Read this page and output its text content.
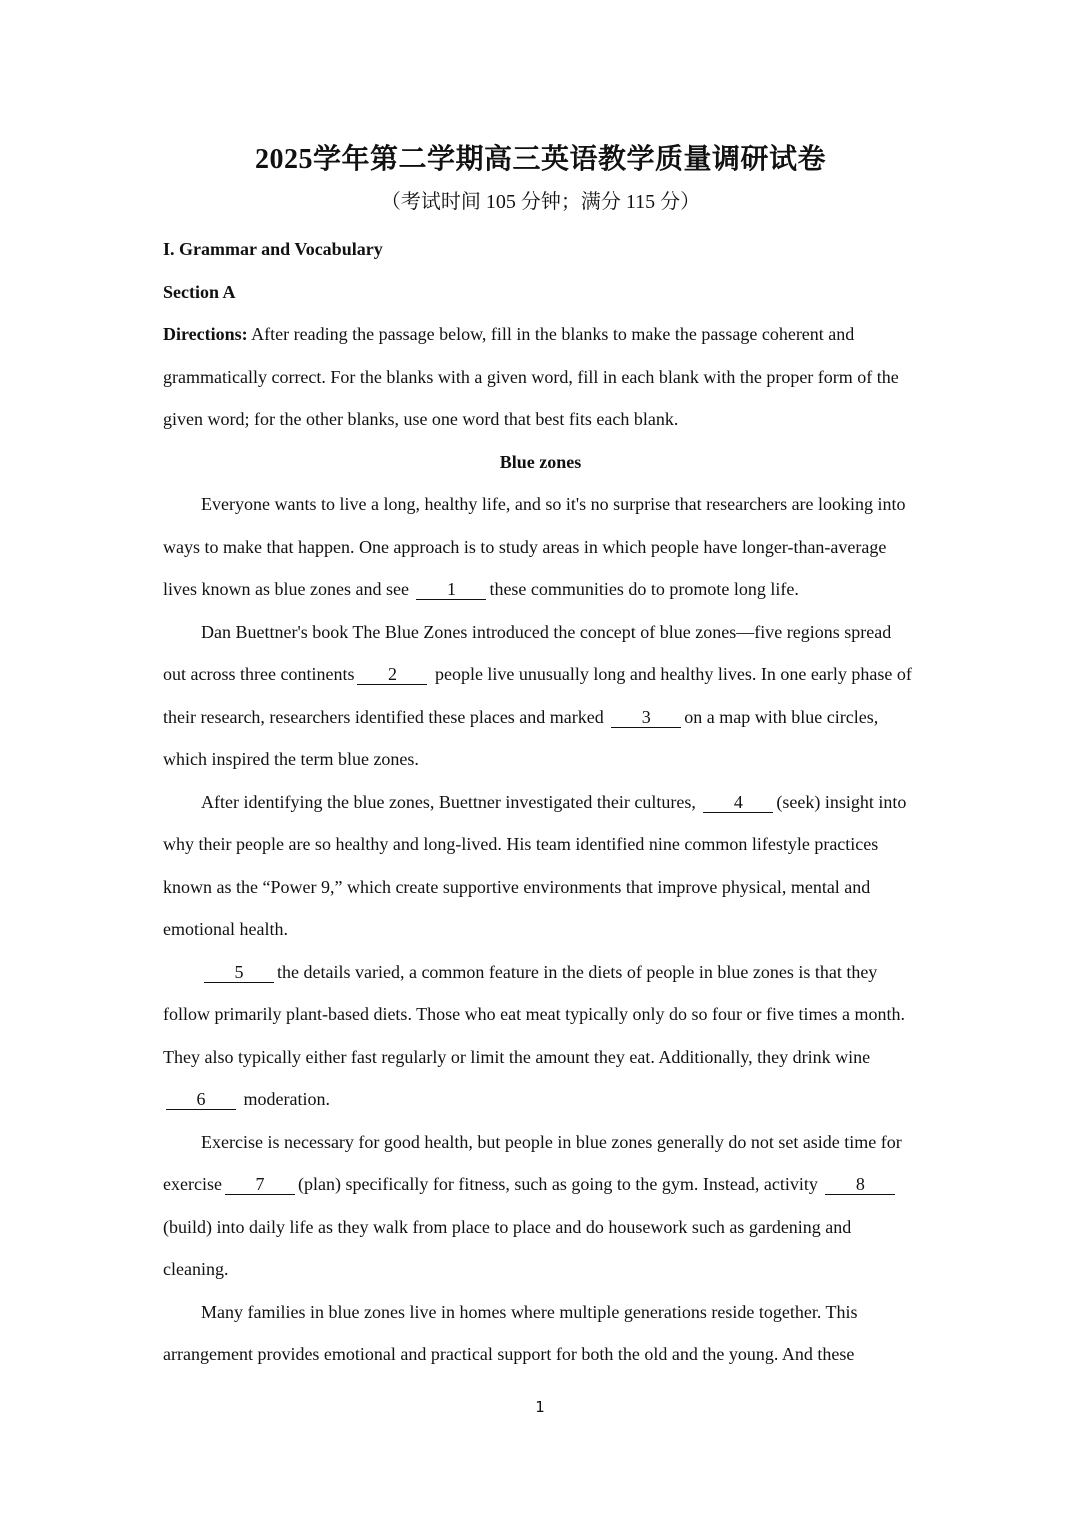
2025学年第二学期高三英语教学质量调研试卷

（考试时间 105 分钟；满分 115 分）

I. Grammar and Vocabulary

Section A

Directions: After reading the passage below, fill in the blanks to make the passage coherent and grammatically correct. For the blanks with a given word, fill in each blank with the proper form of the given word; for the other blanks, use one word that best fits each blank.

Blue zones

Everyone wants to live a long, healthy life, and so it's no surprise that researchers are looking into ways to make that happen. One approach is to study areas in which people have longer-than-average lives known as blue zones and see 1 these communities do to promote long life.

Dan Buettner's book The Blue Zones introduced the concept of blue zones—five regions spread out across three continents 2 people live unusually long and healthy lives. In one early phase of their research, researchers identified these places and marked 3 on a map with blue circles, which inspired the term blue zones.

After identifying the blue zones, Buettner investigated their cultures, 4 (seek) insight into why their people are so healthy and long-lived. His team identified nine common lifestyle practices known as the “Power 9,” which create supportive environments that improve physical, mental and emotional health.

5 the details varied, a common feature in the diets of people in blue zones is that they follow primarily plant-based diets. Those who eat meat typically only do so four or five times a month. They also typically either fast regularly or limit the amount they eat. Additionally, they drink wine6 moderation.

Exercise is necessary for good health, but people in blue zones generally do not set aside time for exercise 7 (plan) specifically for fitness, such as going to the gym. Instead, activity 8(build) into daily life as they walk from place to place and do housework such as gardening and cleaning.

Many families in blue zones live in homes where multiple generations reside together. This arrangement provides emotional and practical support for both the old and the young. And these

1
